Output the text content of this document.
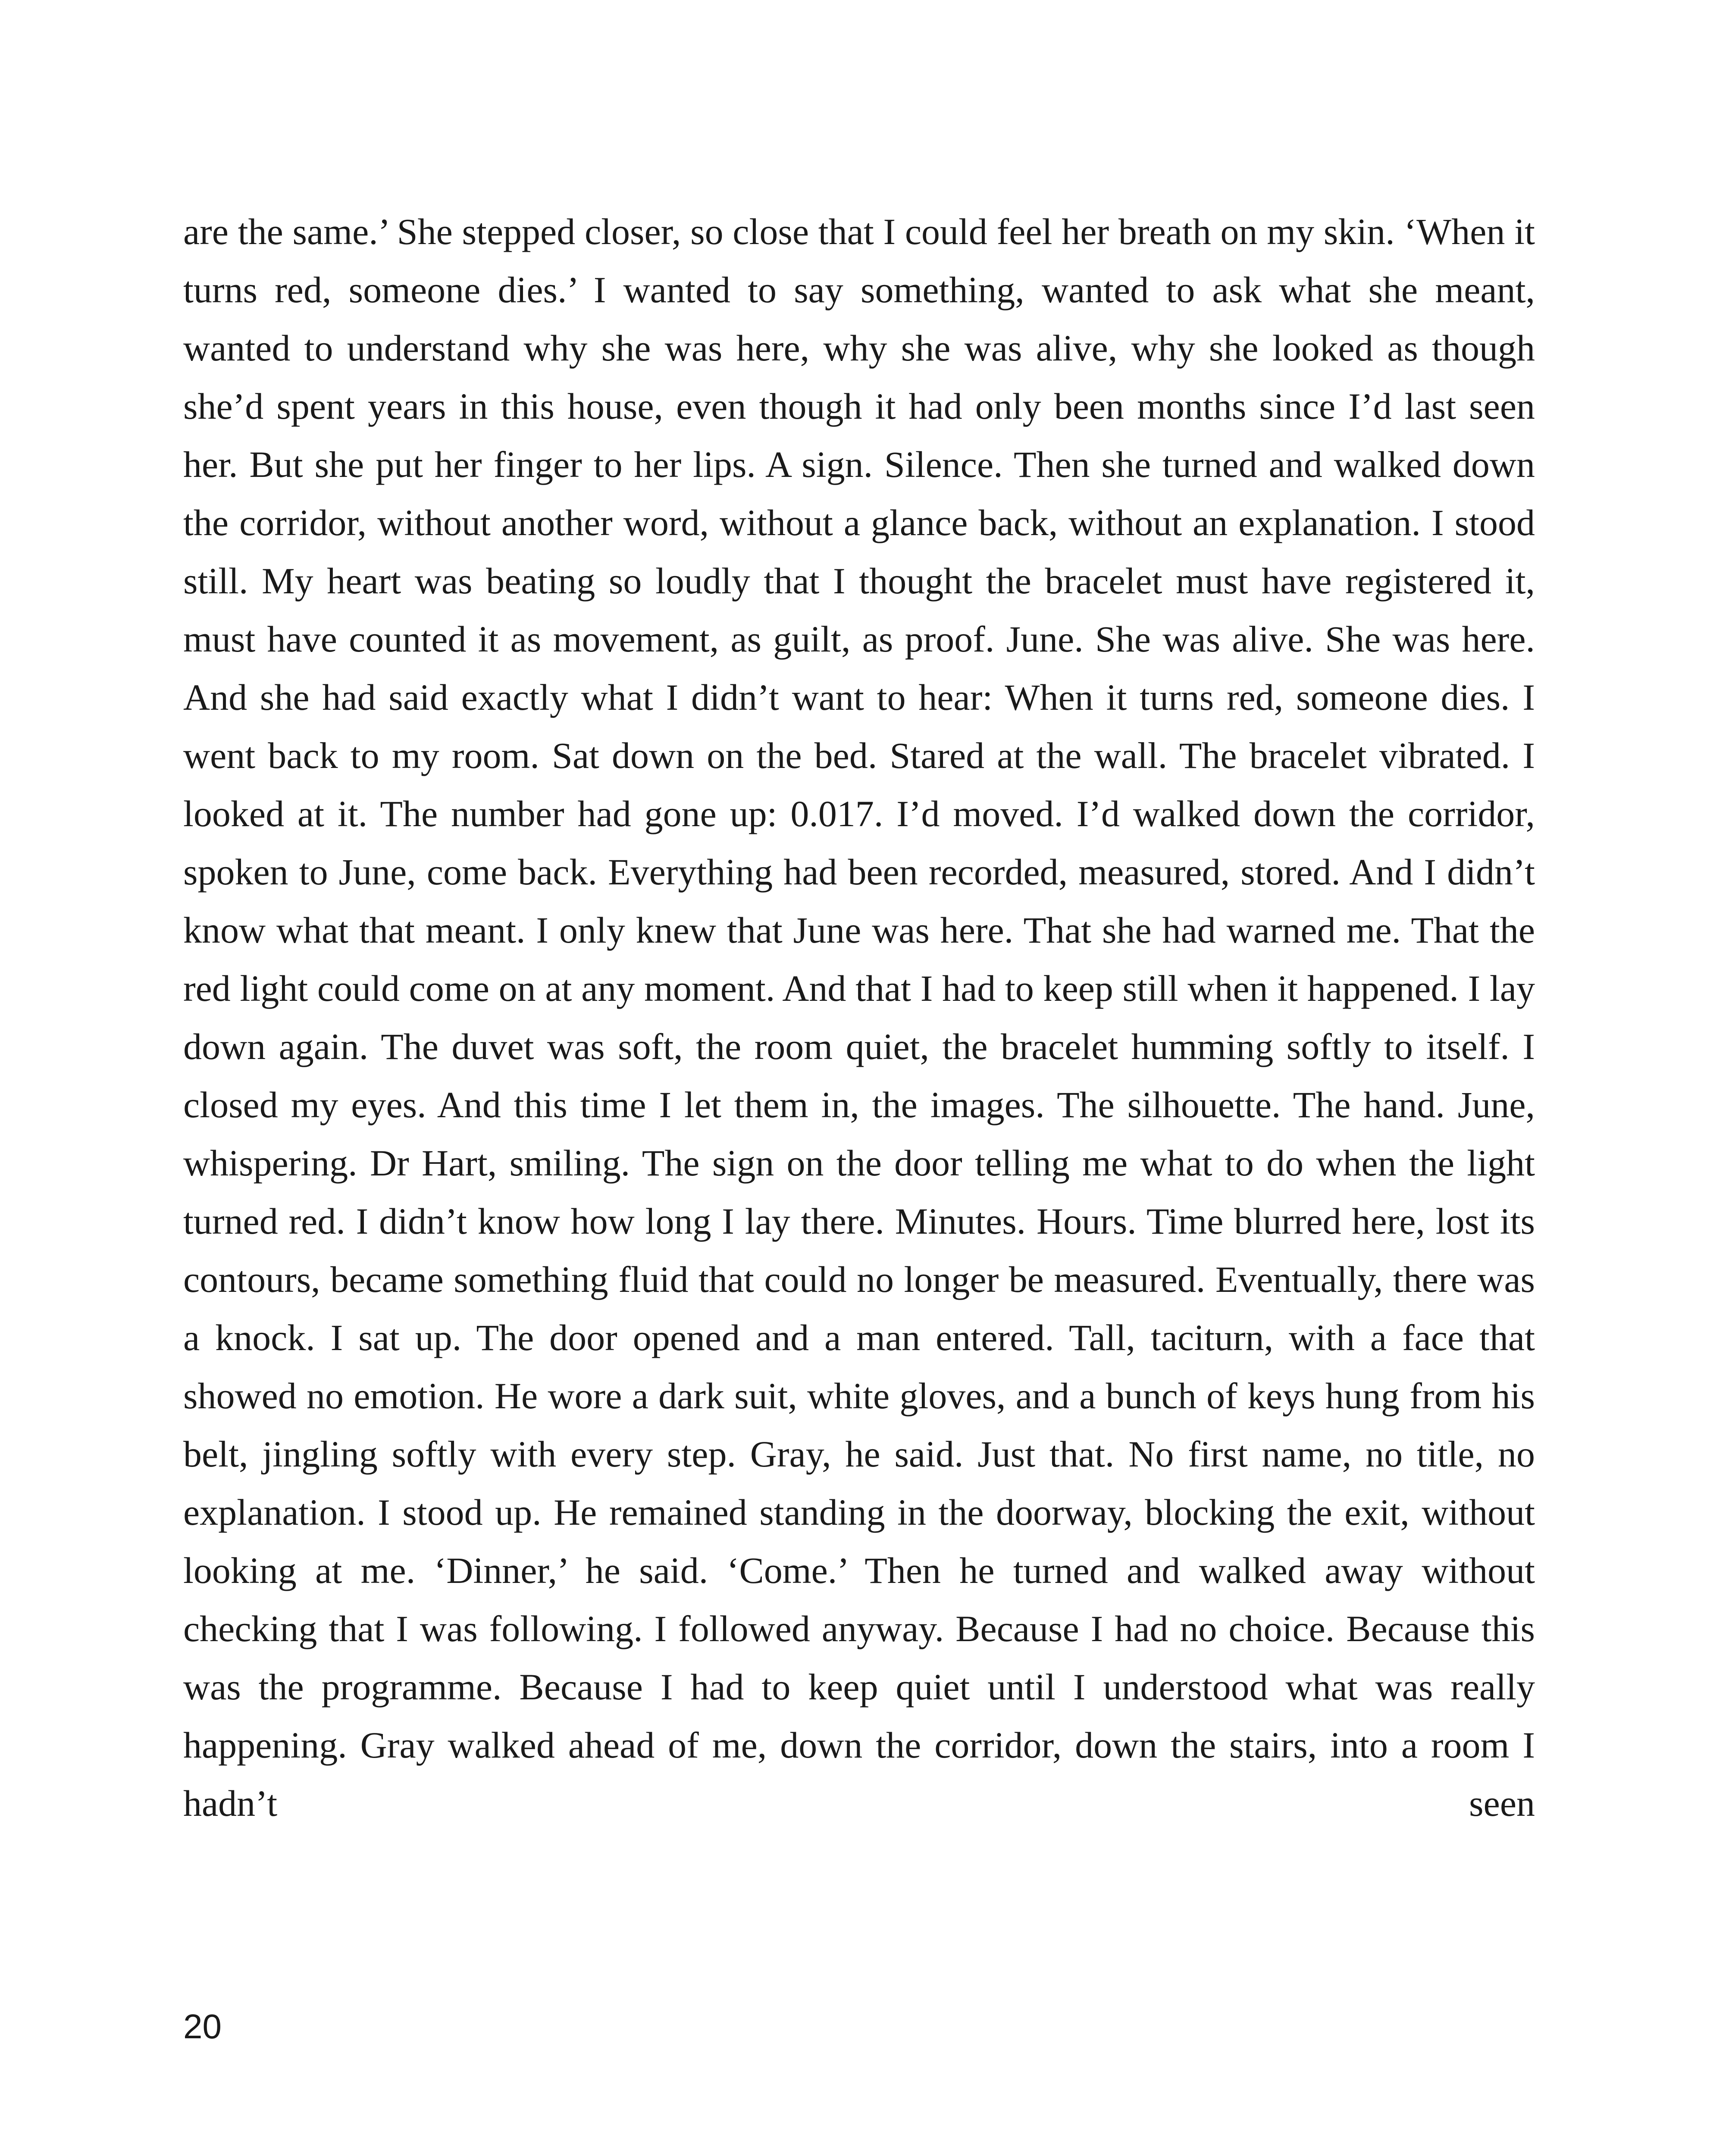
are the same.’ She stepped closer, so close that I could feel her breath on my skin. ‘When it turns red, someone dies.’ I wanted to say something, wanted to ask what she meant, wanted to understand why she was here, why she was alive, why she looked as though she’d spent years in this house, even though it had only been months since I’d last seen her. But she put her finger to her lips. A sign. Silence. Then she turned and walked down the corridor, without another word, without a glance back, without an explanation. I stood still. My heart was beating so loudly that I thought the bracelet must have registered it, must have counted it as movement, as guilt, as proof. June. She was alive. She was here. And she had said exactly what I didn’t want to hear: When it turns red, someone dies. I went back to my room. Sat down on the bed. Stared at the wall. The bracelet vibrated. I looked at it. The number had gone up: 0.017. I’d moved. I’d walked down the corridor, spoken to June, come back. Everything had been recorded, measured, stored. And I didn’t know what that meant. I only knew that June was here. That she had warned me. That the red light could come on at any moment. And that I had to keep still when it happened. I lay down again. The duvet was soft, the room quiet, the bracelet humming softly to itself. I closed my eyes. And this time I let them in, the images. The silhouette. The hand. June, whispering. Dr Hart, smiling. The sign on the door telling me what to do when the light turned red. I didn’t know how long I lay there. Minutes. Hours. Time blurred here, lost its contours, became something fluid that could no longer be measured. Eventually, there was a knock. I sat up. The door opened and a man entered. Tall, taciturn, with a face that showed no emotion. He wore a dark suit, white gloves, and a bunch of keys hung from his belt, jingling softly with every step. Gray, he said. Just that. No first name, no title, no explanation. I stood up. He remained standing in the doorway, blocking the exit, without looking at me. ‘Dinner,’ he said. ‘Come.’ Then he turned and walked away without checking that I was following. I followed anyway. Because I had no choice. Because this was the programme. Because I had to keep quiet until I understood what was really happening. Gray walked ahead of me, down the corridor, down the stairs, into a room I hadn’t seen

20
